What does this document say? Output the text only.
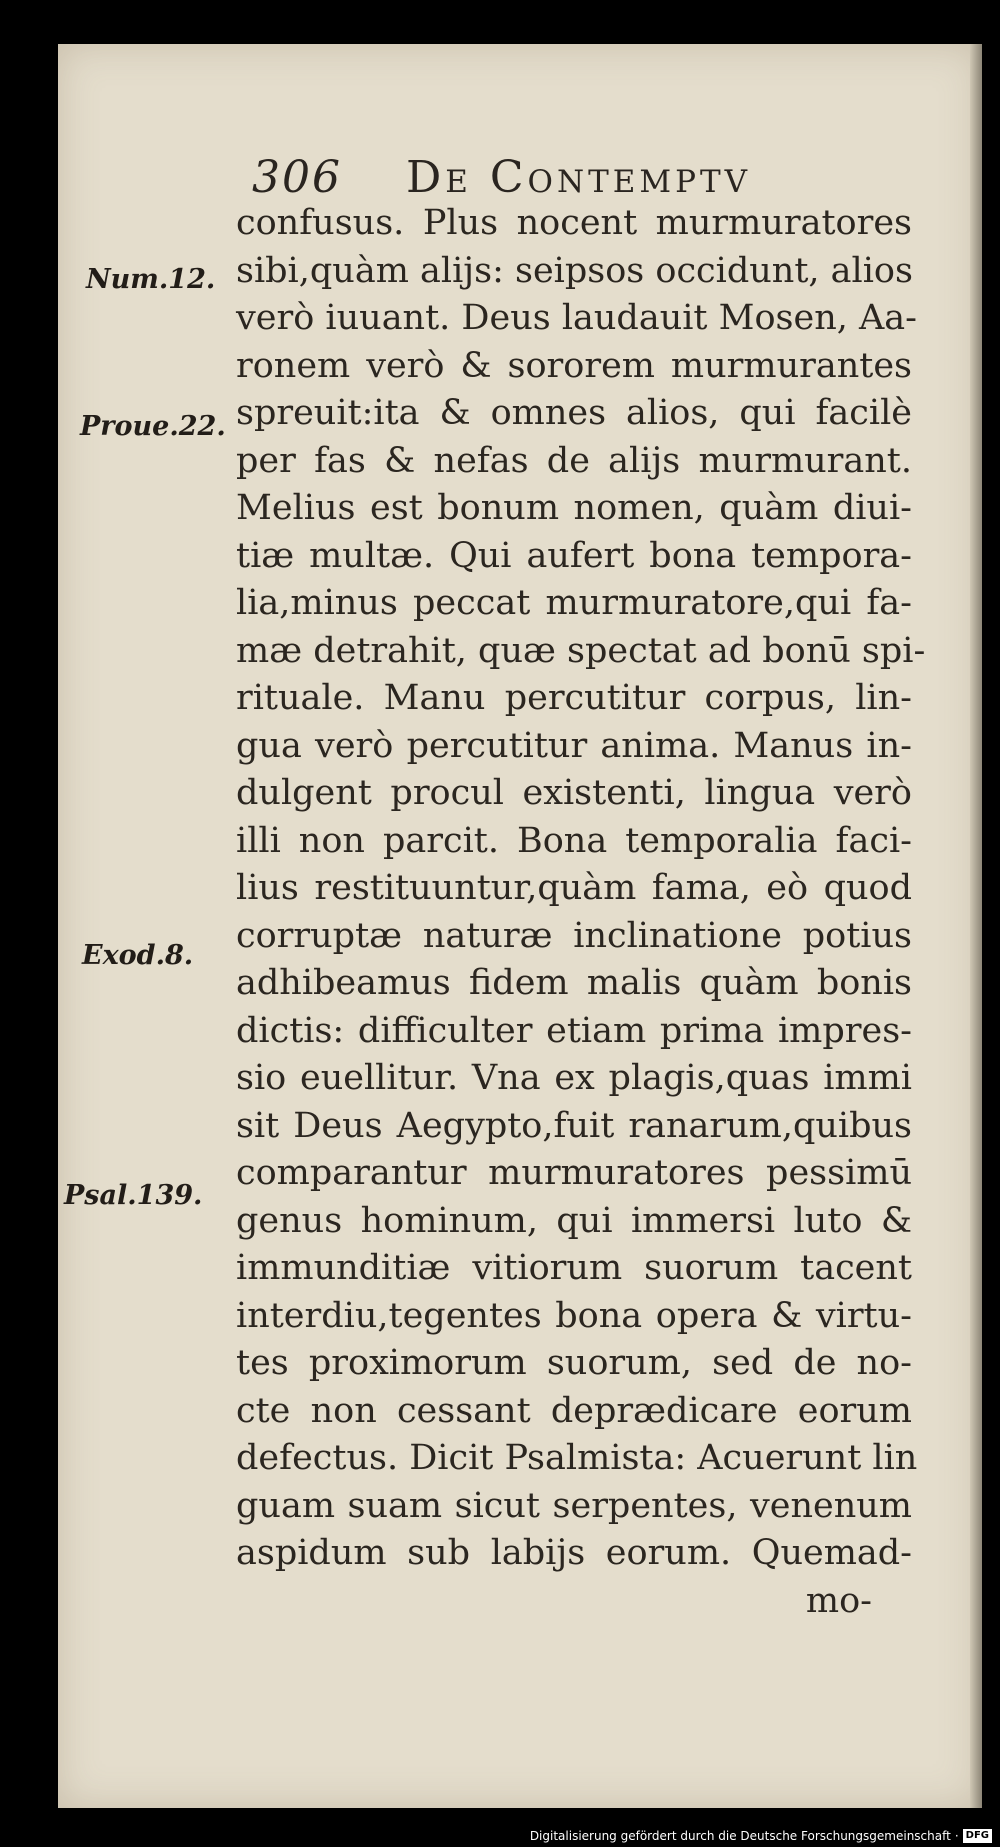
306 De Contemptv
Num.12.
Proue.22.
Exod.8.
Psal.139.
confusus. Plus nocent murmuratores
sibi,quàm alijs: seipsos occidunt, alios
verò iuuant. Deus laudauit Mosen, Aa-
ronem verò & sororem murmurantes
spreuit:ita & omnes alios, qui facilè
per fas & nefas de alijs murmurant.
Melius est bonum nomen, quàm diui-
tiæ multæ. Qui aufert bona tempora-
lia,minus peccat murmuratore,qui fa-
mæ detrahit, quæ spectat ad bonū spi-
rituale. Manu percutitur corpus, lin-
gua verò percutitur anima. Manus in-
dulgent procul existenti, lingua verò
illi non parcit. Bona temporalia faci-
lius restituuntur,quàm fama, eò quod
corruptæ naturæ inclinatione potius
adhibeamus fidem malis quàm bonis
dictis: difficulter etiam prima impres-
sio euellitur. Vna ex plagis,quas immi
sit Deus Aegypto,fuit ranarum,quibus
comparantur murmuratores pessimū
genus hominum, qui immersi luto &
immunditiæ vitiorum suorum tacent
interdiu,tegentes bona opera & virtu-
tes proximorum suorum, sed de no-
cte non cessant deprædicare eorum
defectus. Dicit Psalmista: Acuerunt lin
guam suam sicut serpentes, venenum
aspidum sub labijs eorum. Quemad-
mo-
Digitalisierung gefördert durch die Deutsche Forschungsgemeinschaft · DFG
